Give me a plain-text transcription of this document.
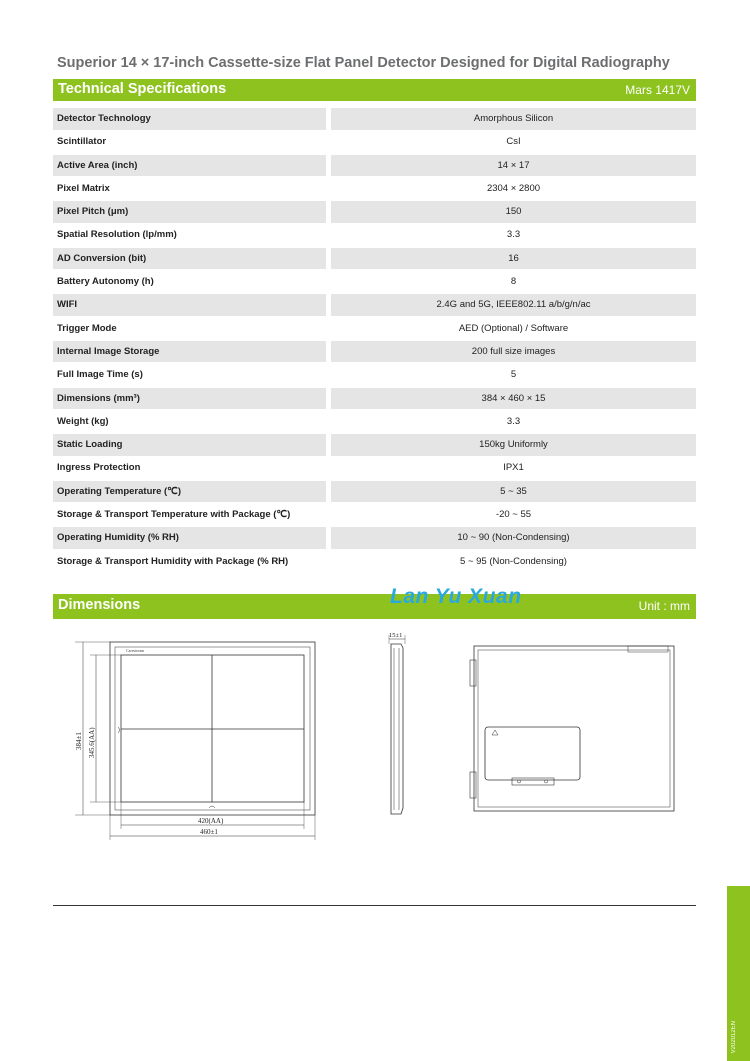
Superior 14 × 17-inch Cassette-size Flat Panel Detector Designed for Digital Radiography
Technical Specifications	Mars 1417V
Detector Technology	Amorphous Silicon
Scintillator	CsI
Active Area (inch)	14 × 17
Pixel Matrix	2304 × 2800
Pixel Pitch (μm)	150
Spatial Resolution (lp/mm)	3.3
AD Conversion (bit)	16
Battery Autonomy (h)	8
WIFI	2.4G and 5G, IEEE802.11 a/b/g/n/ac
Trigger Mode	AED (Optional) / Software
Internal Image Storage	200 full size images
Full Image Time (s)	5
Dimensions (mm³)	384 × 460 × 15
Weight (kg)	3.3
Static Loading	150kg Uniformly
Ingress Protection	IPX1
Operating Temperature (℃)	5 ~ 35
Storage & Transport Temperature with Package (℃)	-20 ~ 55
Operating Humidity (% RH)	10 ~ 90 (Non-Condensing)
Storage & Transport Humidity with Package (% RH)	5 ~ 95 (Non-Condensing)
Dimensions	Unit : mm
Lan Yu Xuan
Carestream
384±1 345.6(AA)
420(AA)
460±1
15±1
V202012EN
